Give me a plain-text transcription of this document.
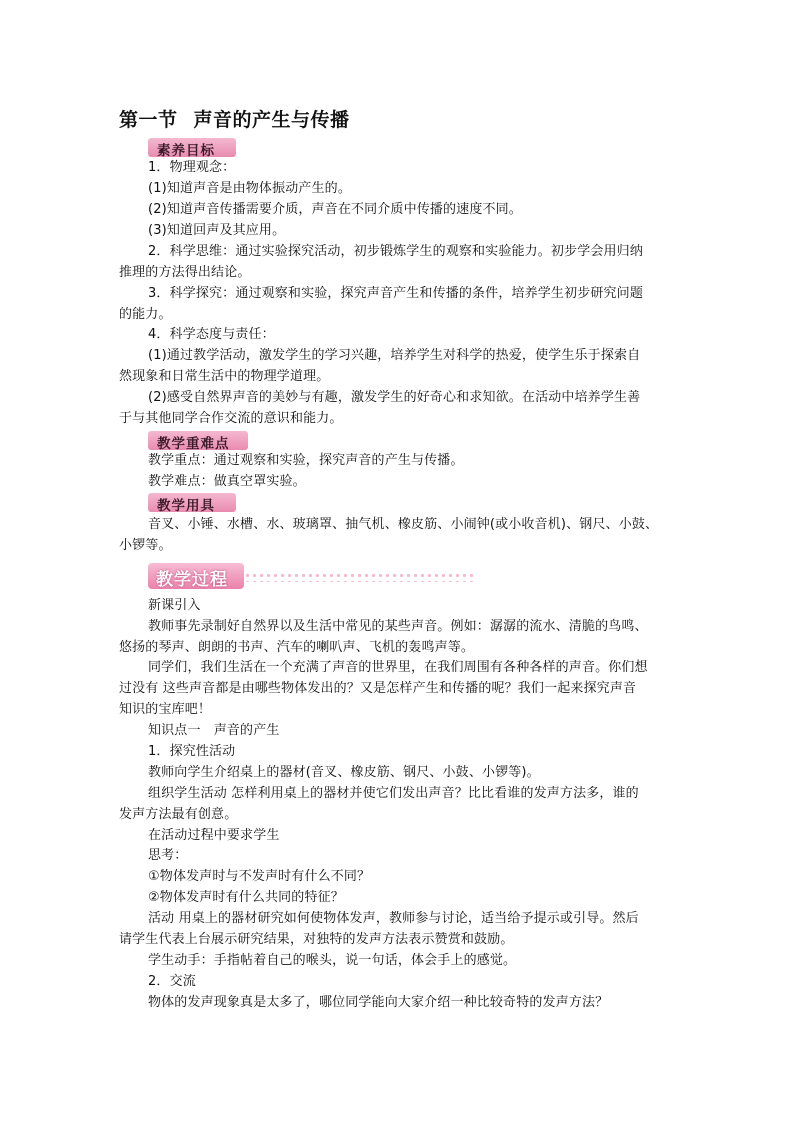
第一节 声音的产生与传播
素养目标
1．物理观念：
(1)知道声音是由物体振动产生的。
(2)知道声音传播需要介质，声音在不同介质中传播的速度不同。
(3)知道回声及其应用。
2．科学思维：通过实验探究活动，初步锻炼学生的观察和实验能力。初步学会用归纳
推理的方法得出结论。
3．科学探究：通过观察和实验，探究声音产生和传播的条件，培养学生初步研究问题
的能力。
4．科学态度与责任：
(1)通过教学活动，激发学生的学习兴趣，培养学生对科学的热爱，使学生乐于探索自
然现象和日常生活中的物理学道理。
(2)感受自然界声音的美妙与有趣，激发学生的好奇心和求知欲。在活动中培养学生善
于与其他同学合作交流的意识和能力。
教学重难点
教学重点：通过观察和实验，探究声音的产生与传播。
教学难点：做真空罩实验。
教学用具
音叉、小锤、水槽、水、玻璃罩、抽气机、橡皮筋、小闹钟(或小收音机)、钢尺、小鼓、
小锣等。
教学过程
新课引入
教师事先录制好自然界以及生活中常见的某些声音。例如：潺潺的流水、清脆的鸟鸣、
悠扬的琴声、朗朗的书声、汽车的喇叭声、飞机的轰鸣声等。
同学们，我们生活在一个充满了声音的世界里，在我们周围有各种各样的声音。你们想
过没有 这些声音都是由哪些物体发出的？又是怎样产生和传播的呢？我们一起来探究声音
知识的宝库吧！
知识点一　声音的产生
1．探究性活动
教师向学生介绍桌上的器材(音叉、橡皮筋、钢尺、小鼓、小锣等)。
组织学生活动 怎样利用桌上的器材并使它们发出声音？比比看谁的发声方法多，谁的
发声方法最有创意。
在活动过程中要求学生
思考：
①物体发声时与不发声时有什么不同？
②物体发声时有什么共同的特征？
活动 用桌上的器材研究如何使物体发声，教师参与讨论，适当给予提示或引导。然后
请学生代表上台展示研究结果，对独特的发声方法表示赞赏和鼓励。
学生动手：手指帖着自己的喉头，说一句话，体会手上的感觉。
2．交流
物体的发声现象真是太多了，哪位同学能向大家介绍一种比较奇特的发声方法？
